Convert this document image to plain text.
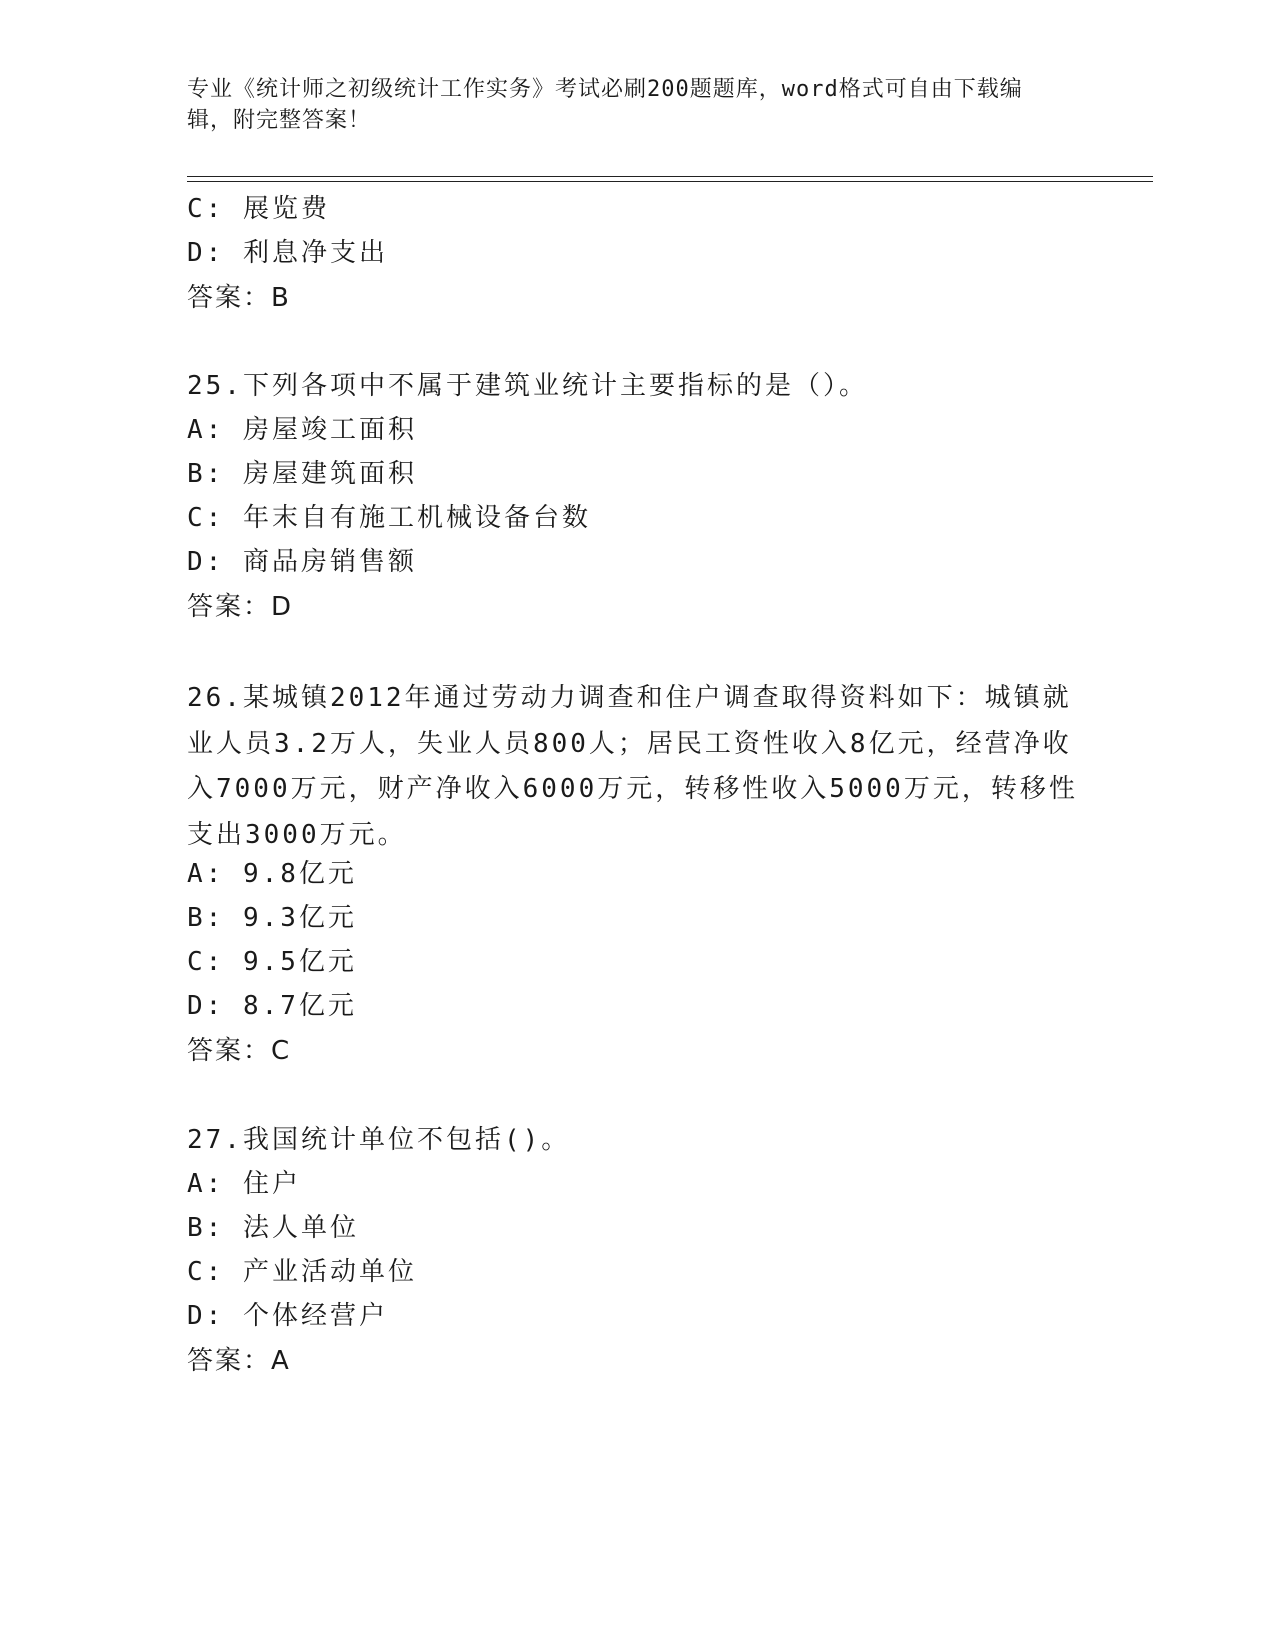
专业《统计师之初级统计工作实务》考试必刷200题题库，word格式可自由下载编辑，附完整答案！
C: 展览费
D: 利息净支出
答案：B
25.下列各项中不属于建筑业统计主要指标的是（）。
A: 房屋竣工面积
B: 房屋建筑面积
C: 年末自有施工机械设备台数
D: 商品房销售额
答案：D
26.某城镇2012年通过劳动力调查和住户调查取得资料如下：城镇就业人员3.2万人，失业人员800人；居民工资性收入8亿元，经营净收入7000万元，财产净收入6000万元，转移性收入5000万元，转移性支出3000万元。
A: 9.8亿元
B: 9.3亿元
C: 9.5亿元
D: 8.7亿元
答案：C
27.我国统计单位不包括()。
A: 住户
B: 法人单位
C: 产业活动单位
D: 个体经营户
答案：A
